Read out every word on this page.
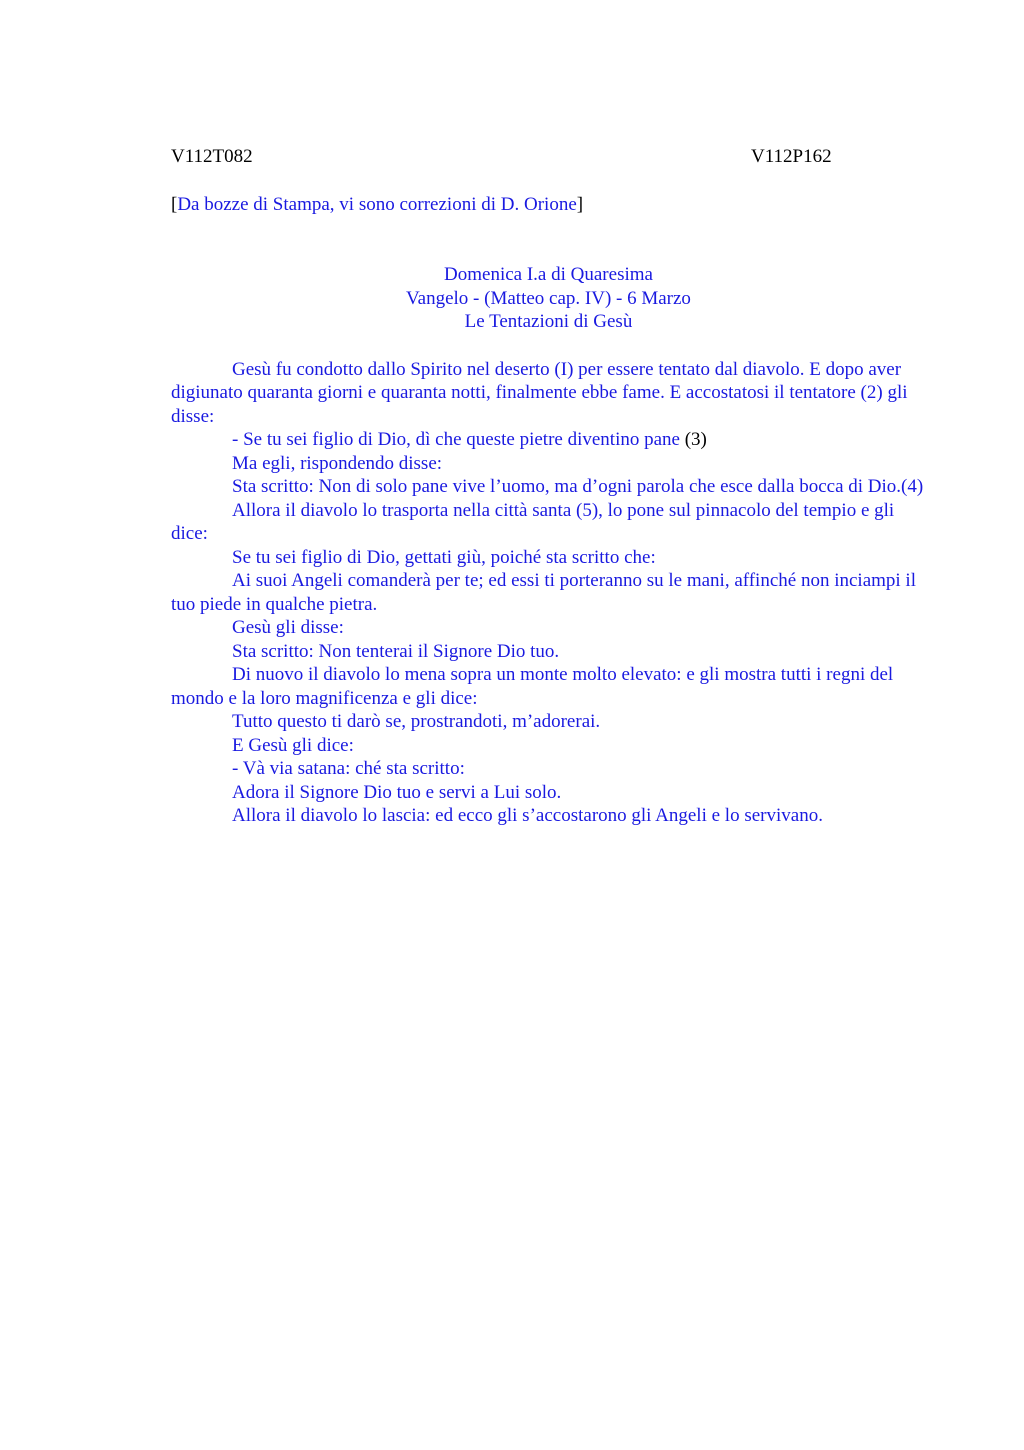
V112T082	V112P162
[Da bozze di Stampa, vi sono correzioni di D. Orione]
Domenica I.a di Quaresima
Vangelo - (Matteo cap. IV) - 6 Marzo
Le Tentazioni di Gesù

Gesù fu condotto dallo Spirito nel deserto (I) per essere tentato dal diavolo. E dopo aver digiunato quaranta giorni e quaranta notti, finalmente ebbe fame. E accostatosi il tentatore (2) gli disse:

- Se tu sei figlio di Dio, dì che queste pietre diventino pane (3)

Ma egli, rispondendo disse:

Sta scritto: Non di solo pane vive l’uomo, ma d’ogni parola che esce dalla bocca di Dio.(4)

Allora il diavolo lo trasporta nella città santa (5), lo pone sul pinnacolo del tempio e gli dice:

Se tu sei figlio di Dio, gettati giù, poiché sta scritto che:

Ai suoi Angeli comanderà per te; ed essi ti porteranno su le mani, affinché non inciampi il tuo piede in qualche pietra.

Gesù gli disse:

Sta scritto: Non tenterai il Signore Dio tuo.

Di nuovo il diavolo lo mena sopra un monte molto elevato: e gli mostra tutti i regni del mondo e la loro magnificenza e gli dice:

Tutto questo ti darò se, prostrandoti, m’adorerai.

E Gesù gli dice:

- Và via satana: ché sta scritto:

Adora il Signore Dio tuo e servi a Lui solo.

Allora il diavolo lo lascia: ed ecco gli s’accostarono gli Angeli e lo servivano.
